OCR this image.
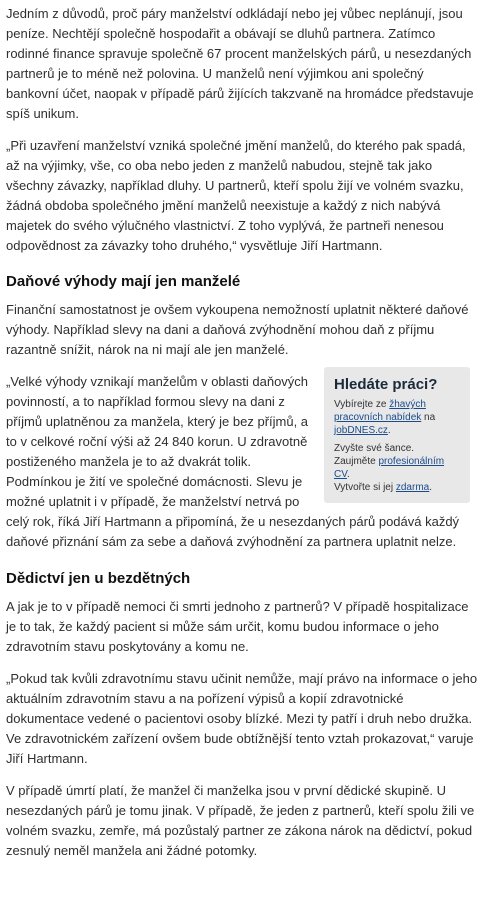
Jedním z důvodů, proč páry manželství odkládají nebo jej vůbec neplánují, jsou peníze. Nechtějí společně hospodařit a obávají se dluhů partnera. Zatímco rodinné finance spravuje společně 67 procent manželských párů, u nesezdaných partnerů je to méně než polovina. U manželů není výjimkou ani společný bankovní účet, naopak v případě párů žijících takzvaně na hromádce představuje spíš unikum.

„Při uzavření manželství vzniká společné jmění manželů, do kterého pak spadá, až na výjimky, vše, co oba nebo jeden z manželů nabudou, stejně tak jako všechny závazky, například dluhy. U partnerů, kteří spolu žijí ve volném svazku, žádná obdoba společného jmění manželů neexistuje a každý z nich nabývá majetek do svého výlučného vlastnictví. Z toho vyplývá, že partneři nenesou odpovědnost za závazky toho druhého,“ vysvětluje Jiří Hartmann.

Daňové výhody mají jen manželé

Finanční samostatnost je ovšem vykoupena nemožností uplatnit některé daňové výhody. Například slevy na dani a daňová zvýhodnění mohou daň z příjmu razantně snížit, nárok na ni mají ale jen manželé.

Hledáte práci?

Vybírejte ze žhavých pracovních nabídek na jobDNES.cz.

Zvyšte své šance.
Zaujměte profesionálním CV.
Vytvořte si jej zdarma.

„Velké výhody vznikají manželům v oblasti daňových povinností, a to například formou slevy na dani z příjmů uplatněnou za manžela, který je bez příjmů, a to v celkové roční výši až 24 840 korun. U zdravotně postiženého manžela je to až dvakrát tolik. Podmínkou je žití ve společné domácnosti. Slevu je možné uplatnit i v případě, že manželství netrvá po celý rok, říká Jiří Hartmann a připomíná, že u nesezdaných párů podává každý daňové přiznání sám za sebe a daňová zvýhodnění za partnera uplatnit nelze.

Dědictví jen u bezdětných

A jak je to v případě nemoci či smrti jednoho z partnerů? V případě hospitalizace je to tak, že každý pacient si může sám určit, komu budou informace o jeho zdravotním stavu poskytovány a komu ne.

„Pokud tak kvůli zdravotnímu stavu učinit nemůže, mají právo na informace o jeho aktuálním zdravotním stavu a na pořízení výpisů a kopií zdravotnické dokumentace vedené o pacientovi osoby blízké. Mezi ty patří i druh nebo družka. Ve zdravotnickém zařízení ovšem bude obtížnější tento vztah prokazovat,“ varuje Jiří Hartmann.

V případě úmrtí platí, že manžel či manželka jsou v první dědické skupině. U nesezdaných párů je tomu jinak. V případě, že jeden z partnerů, kteří spolu žili ve volném svazku, zemře, má pozůstalý partner ze zákona nárok na dědictví, pokud zesnulý neměl manžela ani žádné potomky.
